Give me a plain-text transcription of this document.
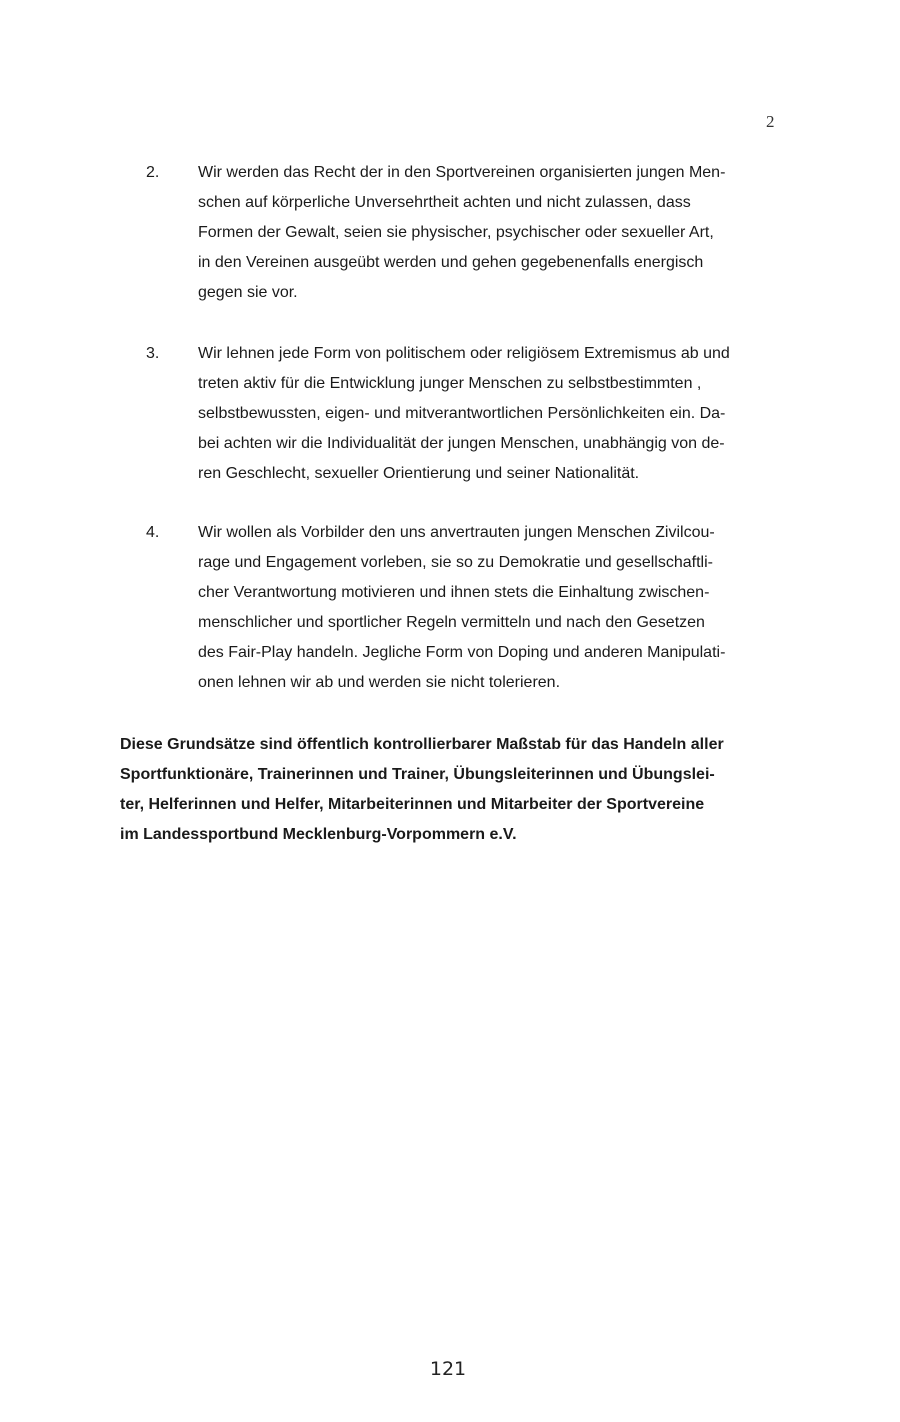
2
2. Wir werden das Recht der in den Sportvereinen organisierten jungen Men-
schen auf körperliche Unversehrtheit achten und nicht zulassen, dass
Formen der Gewalt, seien sie physischer, psychischer oder sexueller Art,
in den Vereinen ausgeübt werden und gehen gegebenenfalls energisch
gegen sie vor.
3. Wir lehnen jede Form von politischem oder religiösem Extremismus ab und
treten aktiv für die Entwicklung junger Menschen zu selbstbestimmten ,
selbstbewussten, eigen- und mitverantwortlichen Persönlichkeiten ein. Da-
bei achten wir die Individualität der jungen Menschen, unabhängig von de-
ren Geschlecht, sexueller Orientierung und seiner Nationalität.
4. Wir wollen als Vorbilder den uns anvertrauten jungen Menschen Zivilcou-
rage und Engagement vorleben, sie so zu Demokratie und gesellschaftli-
cher Verantwortung motivieren und ihnen stets die Einhaltung zwischen-
menschlicher und sportlicher Regeln vermitteln und nach den Gesetzen
des Fair-Play handeln. Jegliche Form von Doping und anderen Manipulati-
onen lehnen wir ab und werden sie nicht tolerieren.
Diese Grundsätze sind öffentlich kontrollierbarer Maßstab für das Handeln aller
Sportfunktionäre, Trainerinnen und Trainer, Übungsleiterinnen und Übungslei-
ter, Helferinnen und Helfer, Mitarbeiterinnen und Mitarbeiter der Sportvereine
im Landessportbund Mecklenburg-Vorpommern e.V.
121
